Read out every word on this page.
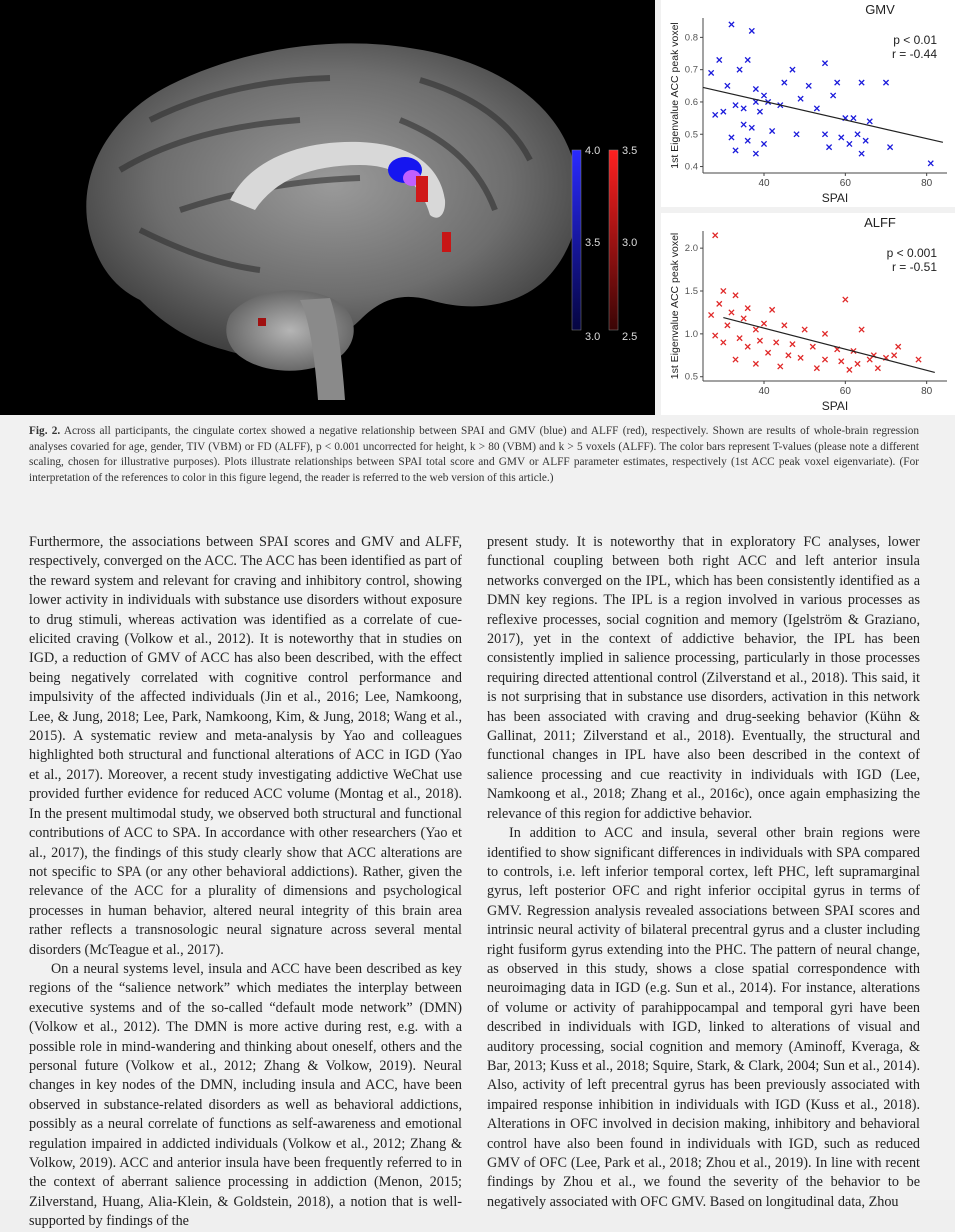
4.0
3.5
3.0
3.5
3.0
2.5
40	60	80
0.4
0.5
0.6
0.7
0.8
GMV
SPAI
1st Eigenvalue ACC peak voxel	p < 0.01
r = -0.44
40	60	80
0.5
1.0
1.5
2.0
ALFF
SPAI
1st Eigenvalue ACC peak voxel	p < 0.001
r = -0.51
Fig. 2. Across all participants, the cingulate cortex showed a negative relationship between SPAI and GMV (blue) and ALFF (red), respectively. Shown are results of whole-brain regression analyses covaried for age, gender, TIV (VBM) or FD (ALFF), p < 0.001 uncorrected for height, k > 80 (VBM) and k > 5 voxels (ALFF). The color bars represent T-values (please note a different scaling, chosen for illustrative purposes). Plots illustrate relationships between SPAI total score and GMV or ALFF parameter estimates, respectively (1st ACC peak voxel eigenvariate). (For interpretation of the references to color in this figure legend, the reader is referred to the web version of this article.)

Furthermore, the associations between SPAI scores and GMV and ALFF, respectively, converged on the ACC. The ACC has been identified as part of the reward system and relevant for craving and inhibitory control, showing lower activity in individuals with substance use disorders without exposure to drug stimuli, whereas activation was identified as a correlate of cue-elicited craving (Volkow et al., 2012). It is noteworthy that in studies on IGD, a reduction of GMV of ACC has also been described, with the effect being negatively correlated with cognitive control performance and impulsivity of the affected individuals (Jin et al., 2016; Lee, Namkoong, Lee, & Jung, 2018; Lee, Park, Namkoong, Kim, & Jung, 2018; Wang et al., 2015). A systematic review and meta-analysis by Yao and colleagues highlighted both structural and functional alterations of ACC in IGD (Yao et al., 2017). Moreover, a recent study investigating addictive WeChat use provided further evidence for reduced ACC volume (Montag et al., 2018). In the present multimodal study, we observed both structural and functional contributions of ACC to SPA. In accordance with other researchers (Yao et al., 2017), the findings of this study clearly show that ACC alterations are not specific to SPA (or any other behavioral addictions). Rather, given the relevance of the ACC for a plurality of dimensions and psychological processes in human behavior, altered neural integrity of this brain area rather reflects a transnosologic neural signature across several mental disorders (McTeague et al., 2017).

On a neural systems level, insula and ACC have been described as key regions of the “salience network” which mediates the interplay between executive systems and of the so-called “default mode network” (DMN) (Volkow et al., 2012). The DMN is more active during rest, e.g. with a possible role in mind-wandering and thinking about oneself, others and the personal future (Volkow et al., 2012; Zhang & Volkow, 2019). Neural changes in key nodes of the DMN, including insula and ACC, have been observed in substance-related disorders as well as behavioral addictions, possibly as a neural correlate of functions as self-awareness and emotional regulation impaired in addicted individuals (Volkow et al., 2012; Zhang & Volkow, 2019). ACC and anterior insula have been frequently referred to in the context of aberrant salience processing in addiction (Menon, 2015; Zilverstand, Huang, Alia-Klein, & Goldstein, 2018), a notion that is well-supported by findings of the

present study. It is noteworthy that in exploratory FC analyses, lower functional coupling between both right ACC and left anterior insula networks converged on the IPL, which has been consistently identified as a DMN key regions. The IPL is a region involved in various processes as reflexive processes, social cognition and memory (Igelström & Graziano, 2017), yet in the context of addictive behavior, the IPL has been consistently implied in salience processing, particularly in those processes requiring directed attentional control (Zilverstand et al., 2018). This said, it is not surprising that in substance use disorders, activation in this network has been associated with craving and drug-seeking behavior (Kühn & Gallinat, 2011; Zilverstand et al., 2018). Eventually, the structural and functional changes in IPL have also been described in the context of salience processing and cue reactivity in individuals with IGD (Lee, Namkoong et al., 2018; Zhang et al., 2016c), once again emphasizing the relevance of this region for addictive behavior.

In addition to ACC and insula, several other brain regions were identified to show significant differences in individuals with SPA compared to controls, i.e. left inferior temporal cortex, left PHC, left supramarginal gyrus, left posterior OFC and right inferior occipital gyrus in terms of GMV. Regression analysis revealed associations between SPAI scores and intrinsic neural activity of bilateral precentral gyrus and a cluster including right fusiform gyrus extending into the PHC. The pattern of neural change, as observed in this study, shows a close spatial correspondence with neuroimaging data in IGD (e.g. Sun et al., 2014). For instance, alterations of volume or activity of parahippocampal and temporal gyri have been described in individuals with IGD, linked to alterations of visual and auditory processing, social cognition and memory (Aminoff, Kveraga, & Bar, 2013; Kuss et al., 2018; Squire, Stark, & Clark, 2004; Sun et al., 2014). Also, activity of left precentral gyrus has been previously associated with impaired response inhibition in individuals with IGD (Kuss et al., 2018). Alterations in OFC involved in decision making, inhibitory and behavioral control have also been found in individuals with IGD, such as reduced GMV of OFC (Lee, Park et al., 2018; Zhou et al., 2019). In line with recent findings by Zhou et al., we found the severity of the behavior to be negatively associated with OFC GMV. Based on longitudinal data, Zhou
